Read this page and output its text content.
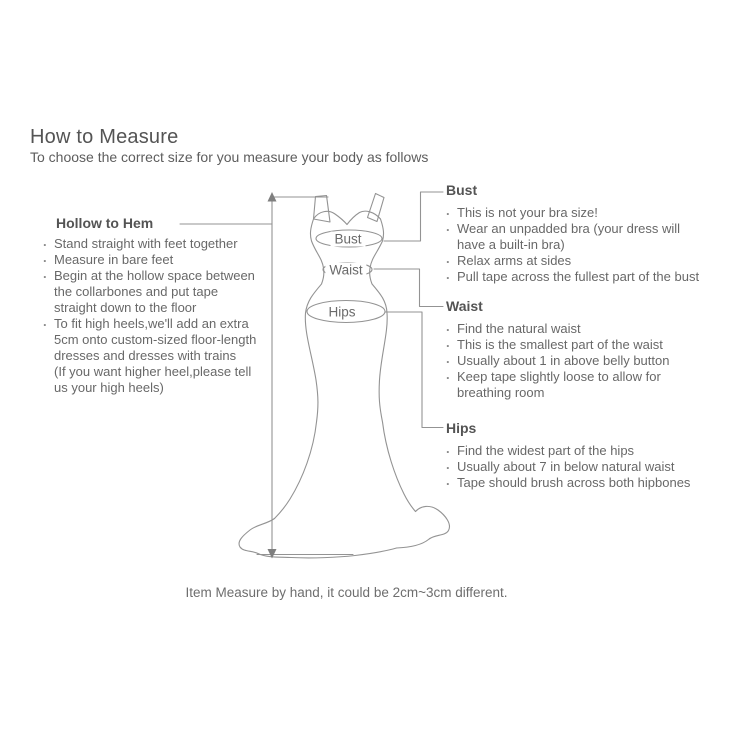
Bust
Waist
Hips
How to Measure
To choose the correct size for you measure your body as follows
Hollow to Hem
. Stand straight with feet together
. Measure in bare feet
. Begin at the hollow space between
the collarbones and put tape
straight down to the floor
. To fit high heels,we'll add an extra
5cm onto custom-sized floor-length
dresses and dresses with trains
(If you want higher heel,please tell
us your high heels)
Bust
. This is not your bra size!
. Wear an unpadded bra (your dress will
have a built-in bra)
. Relax arms at sides
. Pull tape across the fullest part of the bust
Waist
. Find the natural waist
. This is the smallest part of the waist
. Usually about 1 in above belly button
. Keep tape slightly loose to allow for
breathing room
Hips
. Find the widest part of the hips
. Usually about 7 in below natural waist
. Tape should brush across both hipbones
Item Measure by hand, it could be 2cm~3cm different.
